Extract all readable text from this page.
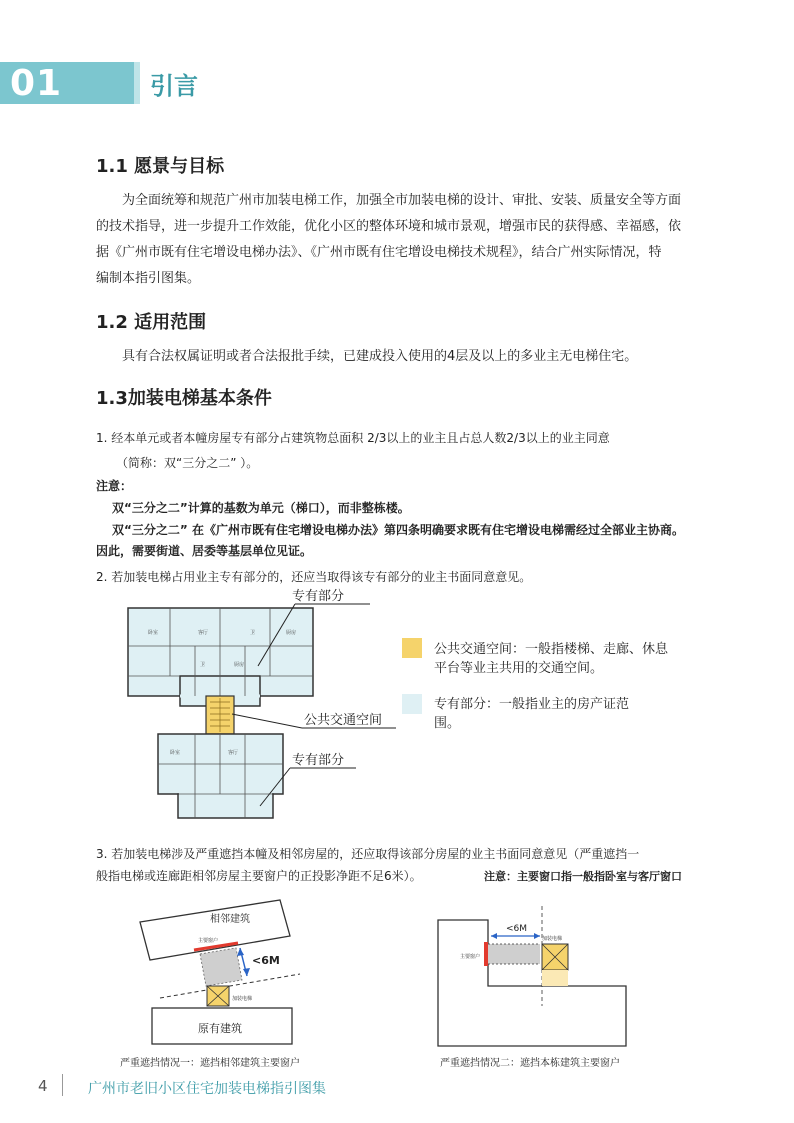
01	引言
1.1 愿景与目标
为全面统筹和规范广州市加装电梯工作，加强全市加装电梯的设计、审批、安装、质量安全等方面
的技术指导，进一步提升工作效能，优化小区的整体环境和城市景观，增强市民的获得感、幸福感，依
据《广州市既有住宅增设电梯办法》、《广州市既有住宅增设电梯技术规程》，结合广州实际情况，特
编制本指引图集。
1.2 适用范围
具有合法权属证明或者合法报批手续，已建成投入使用的4层及以上的多业主无电梯住宅。
1.3加装电梯基本条件
1. 经本单元或者本幢房屋专有部分占建筑物总面积 2/3以上的业主且占总人数2/3以上的业主同意
（简称：双“三分之二” ）。
注意：
双“三分之二”计算的基数为单元（梯口），而非整栋楼。
双“三分之二” 在《广州市既有住宅增设电梯办法》第四条明确要求既有住宅增设电梯需经过全部业主协商。
因此，需要街道、居委等基层单位见证。
2. 若加装电梯占用业主专有部分的，还应当取得该专有部分的业主书面同意意见。
卧室	客厅
厨房
卫
卫	厨房
客厅
卧室
专有部分
公共交通空间
专有部分
公共交通空间：一般指楼梯、走廊、休息
平台等业主共用的交通空间。
专有部分：一般指业主的房产证范
围。
3. 若加装电梯涉及严重遮挡本幢及相邻房屋的，还应取得该部分房屋的业主书面同意意见（严重遮挡一
般指电梯或连廊距相邻房屋主要窗户的正投影净距不足6米）。	注意：主要窗口指一般指卧室与客厅窗口
相邻建筑
主要窗户
<6M
加装电梯
原有建筑
严重遮挡情况一：遮挡相邻建筑主要窗户
主要窗户
<6M
加装电梯
严重遮挡情况二：遮挡本栋建筑主要窗户
4	广州市老旧小区住宅加装电梯指引图集
